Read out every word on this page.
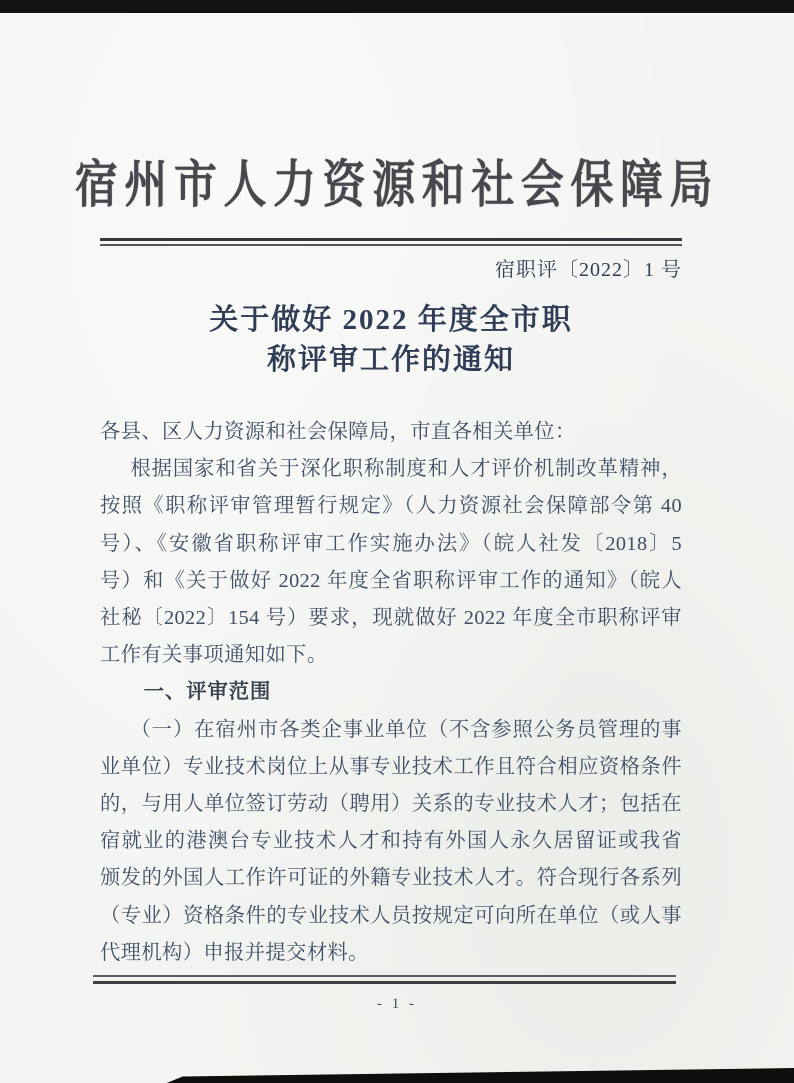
宿州市人力资源和社会保障局
宿职评〔2022〕1 号
关于做好 2022 年度全市职
称评审工作的通知
各县、区人力资源和社会保障局，市直各相关单位：
根据国家和省关于深化职称制度和人才评价机制改革精神，
按照《职称评审管理暂行规定》（人力资源社会保障部令第 40
号）、《安徽省职称评审工作实施办法》（皖人社发〔2018〕5
号）和《关于做好 2022 年度全省职称评审工作的通知》（皖人
社秘〔2022〕154 号）要求，现就做好 2022 年度全市职称评审
工作有关事项通知如下。
一、评审范围
（一）在宿州市各类企事业单位（不含参照公务员管理的事
业单位）专业技术岗位上从事专业技术工作且符合相应资格条件
的，与用人单位签订劳动（聘用）关系的专业技术人才；包括在
宿就业的港澳台专业技术人才和持有外国人永久居留证或我省
颁发的外国人工作许可证的外籍专业技术人才。符合现行各系列
（专业）资格条件的专业技术人员按规定可向所在单位（或人事
代理机构）申报并提交材料。
- 1 -
